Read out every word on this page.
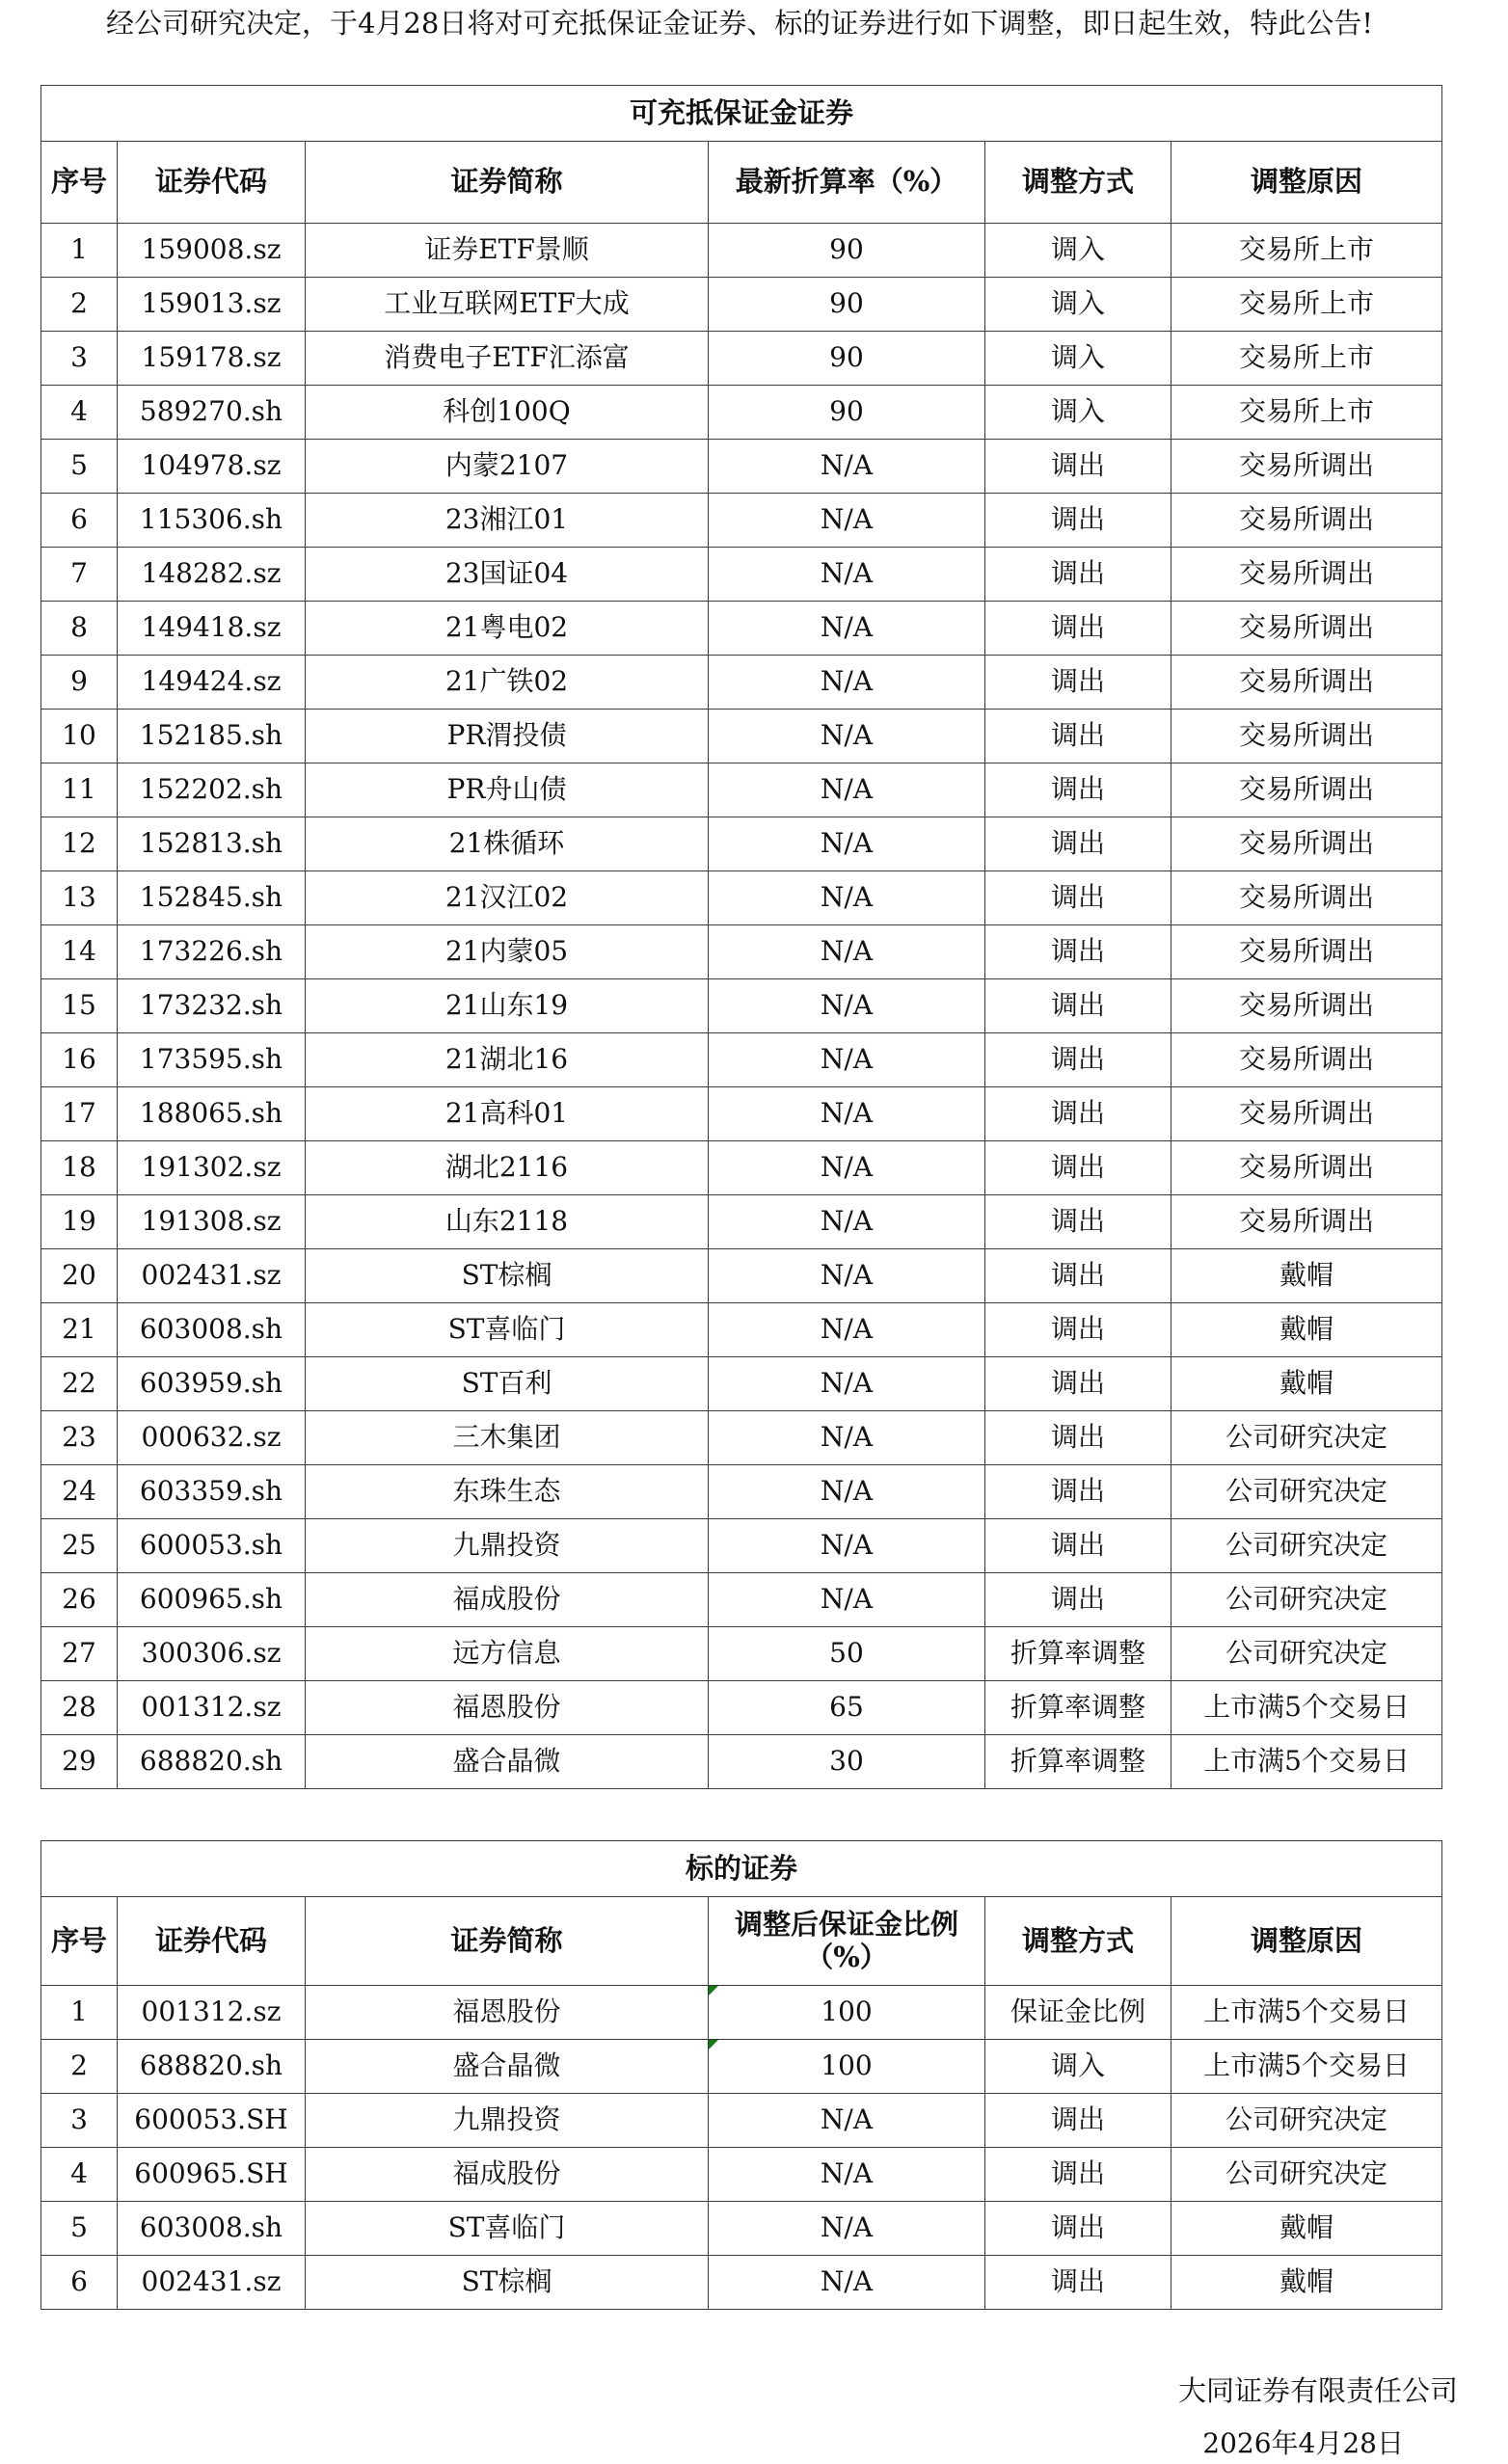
经公司研究决定，于4月28日将对可充抵保证金证券、标的证券进行如下调整，即日起生效，特此公告!
可充抵保证金证券					
序号	证券代码	证券简称	最新折算率（%）	调整方式	调整原因
1	159008.sz	证券ETF景顺	90	调入	交易所上市
2	159013.sz	工业互联网ETF大成	90	调入	交易所上市
3	159178.sz	消费电子ETF汇添富	90	调入	交易所上市
4	589270.sh	科创100Q	90	调入	交易所上市
5	104978.sz	内蒙2107	N/A	调出	交易所调出
6	115306.sh	23湘江01	N/A	调出	交易所调出
7	148282.sz	23国证04	N/A	调出	交易所调出
8	149418.sz	21粤电02	N/A	调出	交易所调出
9	149424.sz	21广铁02	N/A	调出	交易所调出
10	152185.sh	PR渭投债	N/A	调出	交易所调出
11	152202.sh	PR舟山债	N/A	调出	交易所调出
12	152813.sh	21株循环	N/A	调出	交易所调出
13	152845.sh	21汉江02	N/A	调出	交易所调出
14	173226.sh	21内蒙05	N/A	调出	交易所调出
15	173232.sh	21山东19	N/A	调出	交易所调出
16	173595.sh	21湖北16	N/A	调出	交易所调出
17	188065.sh	21高科01	N/A	调出	交易所调出
18	191302.sz	湖北2116	N/A	调出	交易所调出
19	191308.sz	山东2118	N/A	调出	交易所调出
20	002431.sz	ST棕榈	N/A	调出	戴帽
21	603008.sh	ST喜临门	N/A	调出	戴帽
22	603959.sh	ST百利	N/A	调出	戴帽
23	000632.sz	三木集团	N/A	调出	公司研究决定
24	603359.sh	东珠生态	N/A	调出	公司研究决定
25	600053.sh	九鼎投资	N/A	调出	公司研究决定
26	600965.sh	福成股份	N/A	调出	公司研究决定
27	300306.sz	远方信息	50	折算率调整	公司研究决定
28	001312.sz	福恩股份	65	折算率调整	上市满5个交易日
29	688820.sh	盛合晶微	30	折算率调整	上市满5个交易日
标的证券					
序号	证券代码	证券简称	调整后保证金比例（%）	调整方式	调整原因
1	001312.sz	福恩股份	100	保证金比例	上市满5个交易日
2	688820.sh	盛合晶微	100	调入	上市满5个交易日
3	600053.SH	九鼎投资	N/A	调出	公司研究决定
4	600965.SH	福成股份	N/A	调出	公司研究决定
5	603008.sh	ST喜临门	N/A	调出	戴帽
6	002431.sz	ST棕榈	N/A	调出	戴帽
大同证券有限责任公司
2026年4月28日
